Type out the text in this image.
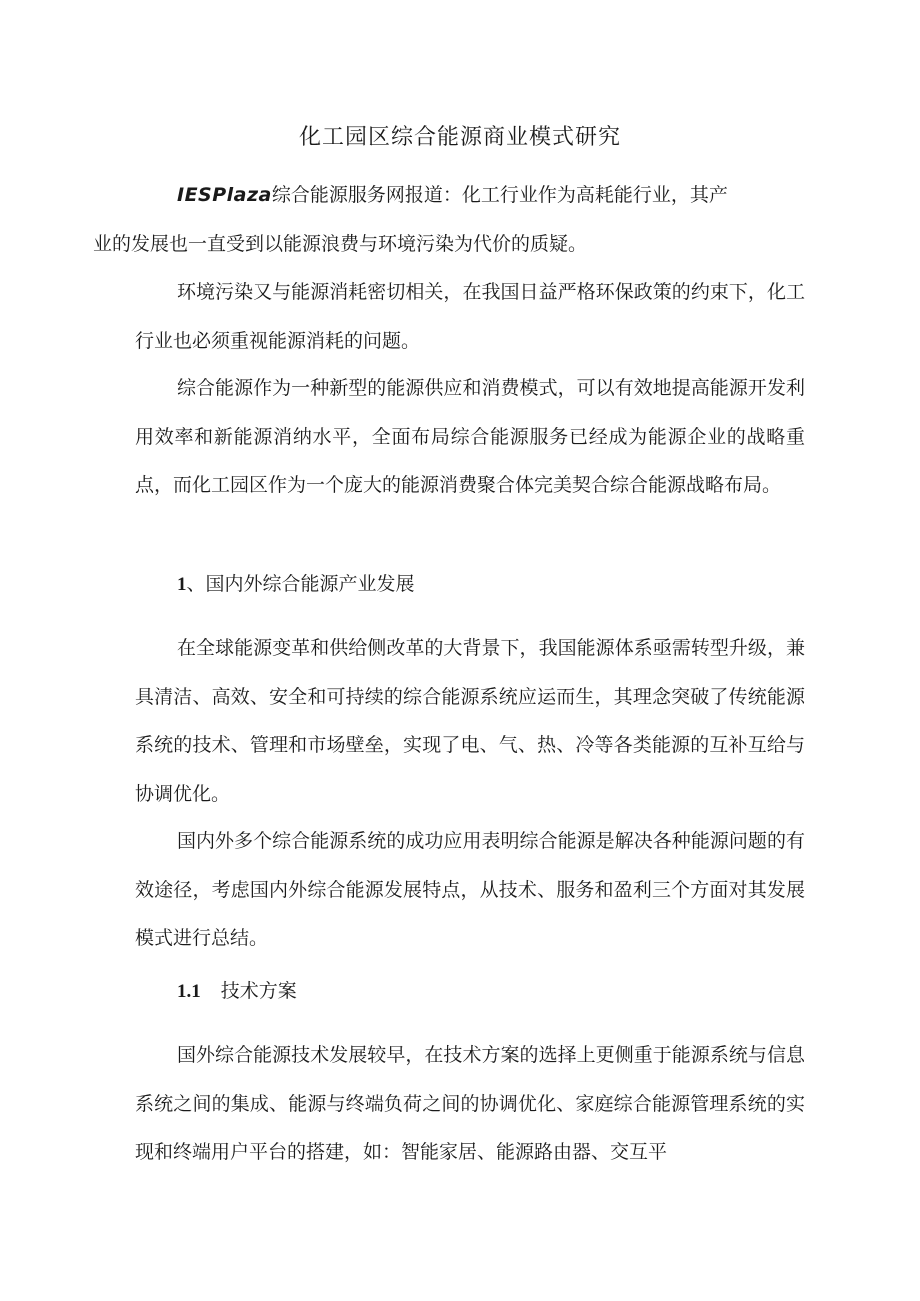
化工园区综合能源商业模式研究

IESPlaza综合能源服务网报道：化工行业作为高耗能行业，其产
业的发展也一直受到以能源浪费与环境污染为代价的质疑。

环境污染又与能源消耗密切相关，在我国日益严格环保政策的约束下，化工行业也必须重视能源消耗的问题。

综合能源作为一种新型的能源供应和消费模式，可以有效地提高能源开发利用效率和新能源消纳水平，全面布局综合能源服务已经成为能源企业的战略重点，而化工园区作为一个庞大的能源消费聚合体完美契合综合能源战略布局。

1、国内外综合能源产业发展

在全球能源变革和供给侧改革的大背景下，我国能源体系亟需转型升级，兼具清洁、高效、安全和可持续的综合能源系统应运而生，其理念突破了传统能源系统的技术、管理和市场壁垒，实现了电、气、热、冷等各类能源的互补互给与协调优化。

国内外多个综合能源系统的成功应用表明综合能源是解决各种能源问题的有效途径，考虑国内外综合能源发展特点，从技术、服务和盈利三个方面对其发展模式进行总结。

1.1 技术方案

国外综合能源技术发展较早，在技术方案的选择上更侧重于能源系统与信息系统之间的集成、能源与终端负荷之间的协调优化、家庭综合能源管理系统的实现和终端用户平台的搭建，如：智能家居、能源路由器、交互平
